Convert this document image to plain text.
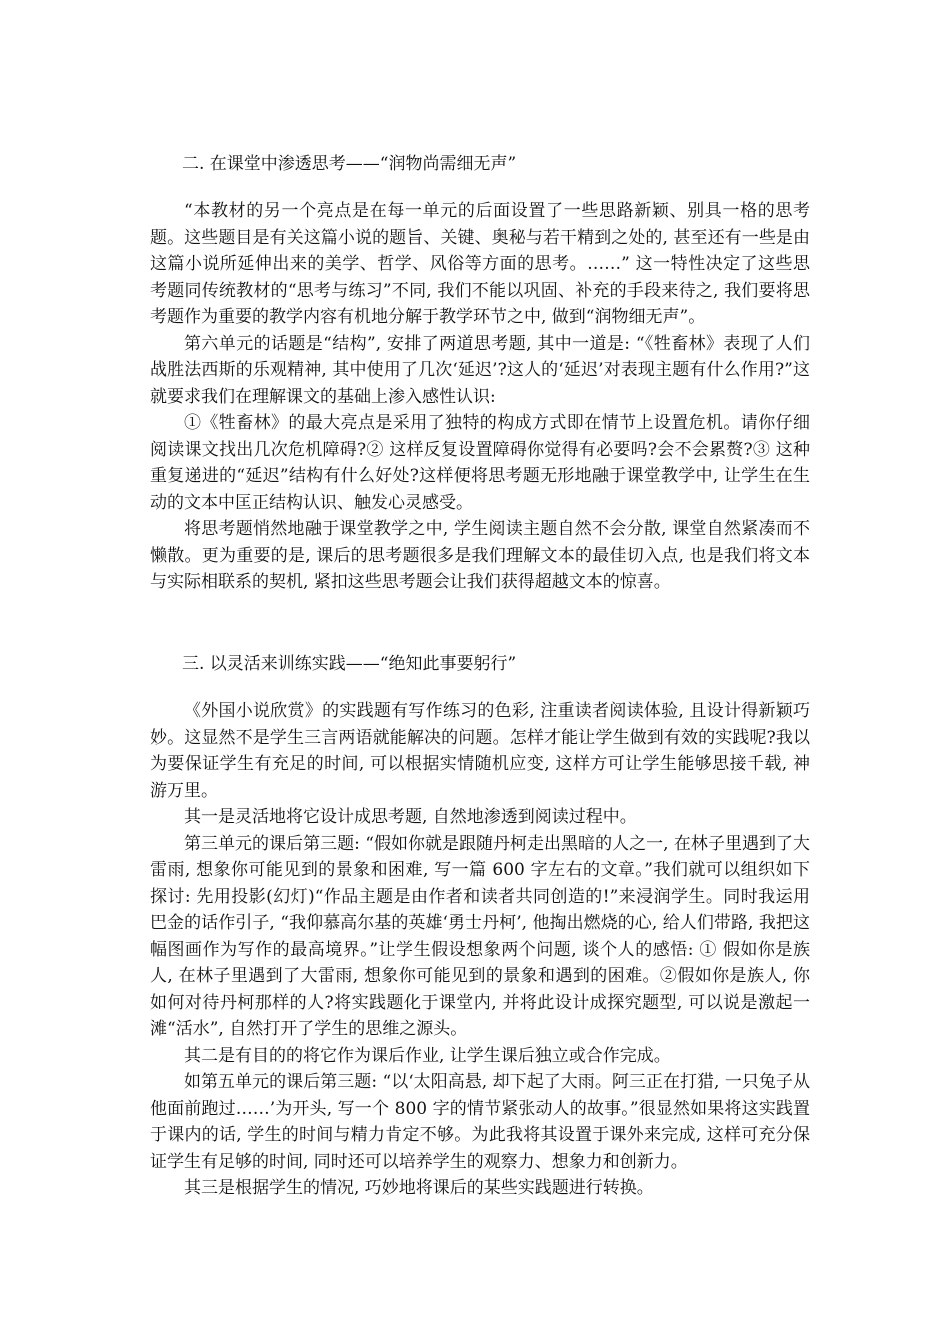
二. 在课堂中渗透思考——“润物尚需细无声”

“本教材的另一个亮点是在每一单元的后面设置了一些思路新颖、别具一格的思考题。这些题目是有关这篇小说的题旨、关键、奥秘与若干精到之处的, 甚至还有一些是由这篇小说所延伸出来的美学、哲学、风俗等方面的思考。……” 这一特性决定了这些思考题同传统教材的“思考与练习”不同, 我们不能以巩固、补充的手段来待之, 我们要将思考题作为重要的教学内容有机地分解于教学环节之中, 做到“润物细无声”。

第六单元的话题是“结构”, 安排了两道思考题, 其中一道是: “《牲畜林》表现了人们战胜法西斯的乐观精神, 其中使用了几次‘延迟’?这人的‘延迟’对表现主题有什么作用?”这就要求我们在理解课文的基础上渗入感性认识:

①《牲畜林》的最大亮点是采用了独特的构成方式即在情节上设置危机。请你仔细阅读课文找出几次危机障碍?② 这样反复设置障碍你觉得有必要吗?会不会累赘?③ 这种重复递进的“延迟”结构有什么好处?这样便将思考题无形地融于课堂教学中, 让学生在生动的文本中匡正结构认识、触发心灵感受。

将思考题悄然地融于课堂教学之中, 学生阅读主题自然不会分散, 课堂自然紧凑而不懒散。更为重要的是, 课后的思考题很多是我们理解文本的最佳切入点, 也是我们将文本与实际相联系的契机, 紧扣这些思考题会让我们获得超越文本的惊喜。

三. 以灵活来训练实践——“绝知此事要躬行”

《外国小说欣赏》的实践题有写作练习的色彩, 注重读者阅读体验, 且设计得新颖巧妙。这显然不是学生三言两语就能解决的问题。怎样才能让学生做到有效的实践呢?我以为要保证学生有充足的时间, 可以根据实情随机应变, 这样方可让学生能够思接千载, 神游万里。

其一是灵活地将它设计成思考题, 自然地渗透到阅读过程中。

第三单元的课后第三题: “假如你就是跟随丹柯走出黑暗的人之一, 在林子里遇到了大雷雨, 想象你可能见到的景象和困难, 写一篇 600 字左右的文章。”我们就可以组织如下探讨: 先用投影(幻灯)“作品主题是由作者和读者共同创造的!”来浸润学生。同时我运用巴金的话作引子, “我仰慕高尔基的英雄‘勇士丹柯’, 他掏出燃烧的心, 给人们带路, 我把这幅图画作为写作的最高境界。”让学生假设想象两个问题, 谈个人的感悟: ① 假如你是族人, 在林子里遇到了大雷雨, 想象你可能见到的景象和遇到的困难。②假如你是族人, 你如何对待丹柯那样的人?将实践题化于课堂内, 并将此设计成探究题型, 可以说是激起一滩“活水”, 自然打开了学生的思维之源头。

其二是有目的的将它作为课后作业, 让学生课后独立或合作完成。

如第五单元的课后第三题: “以‘太阳高悬, 却下起了大雨。阿三正在打猎, 一只兔子从他面前跑过……’为开头, 写一个 800 字的情节紧张动人的故事。”很显然如果将这实践置于课内的话, 学生的时间与精力肯定不够。为此我将其设置于课外来完成, 这样可充分保证学生有足够的时间, 同时还可以培养学生的观察力、想象力和创新力。

其三是根据学生的情况, 巧妙地将课后的某些实践题进行转换。
